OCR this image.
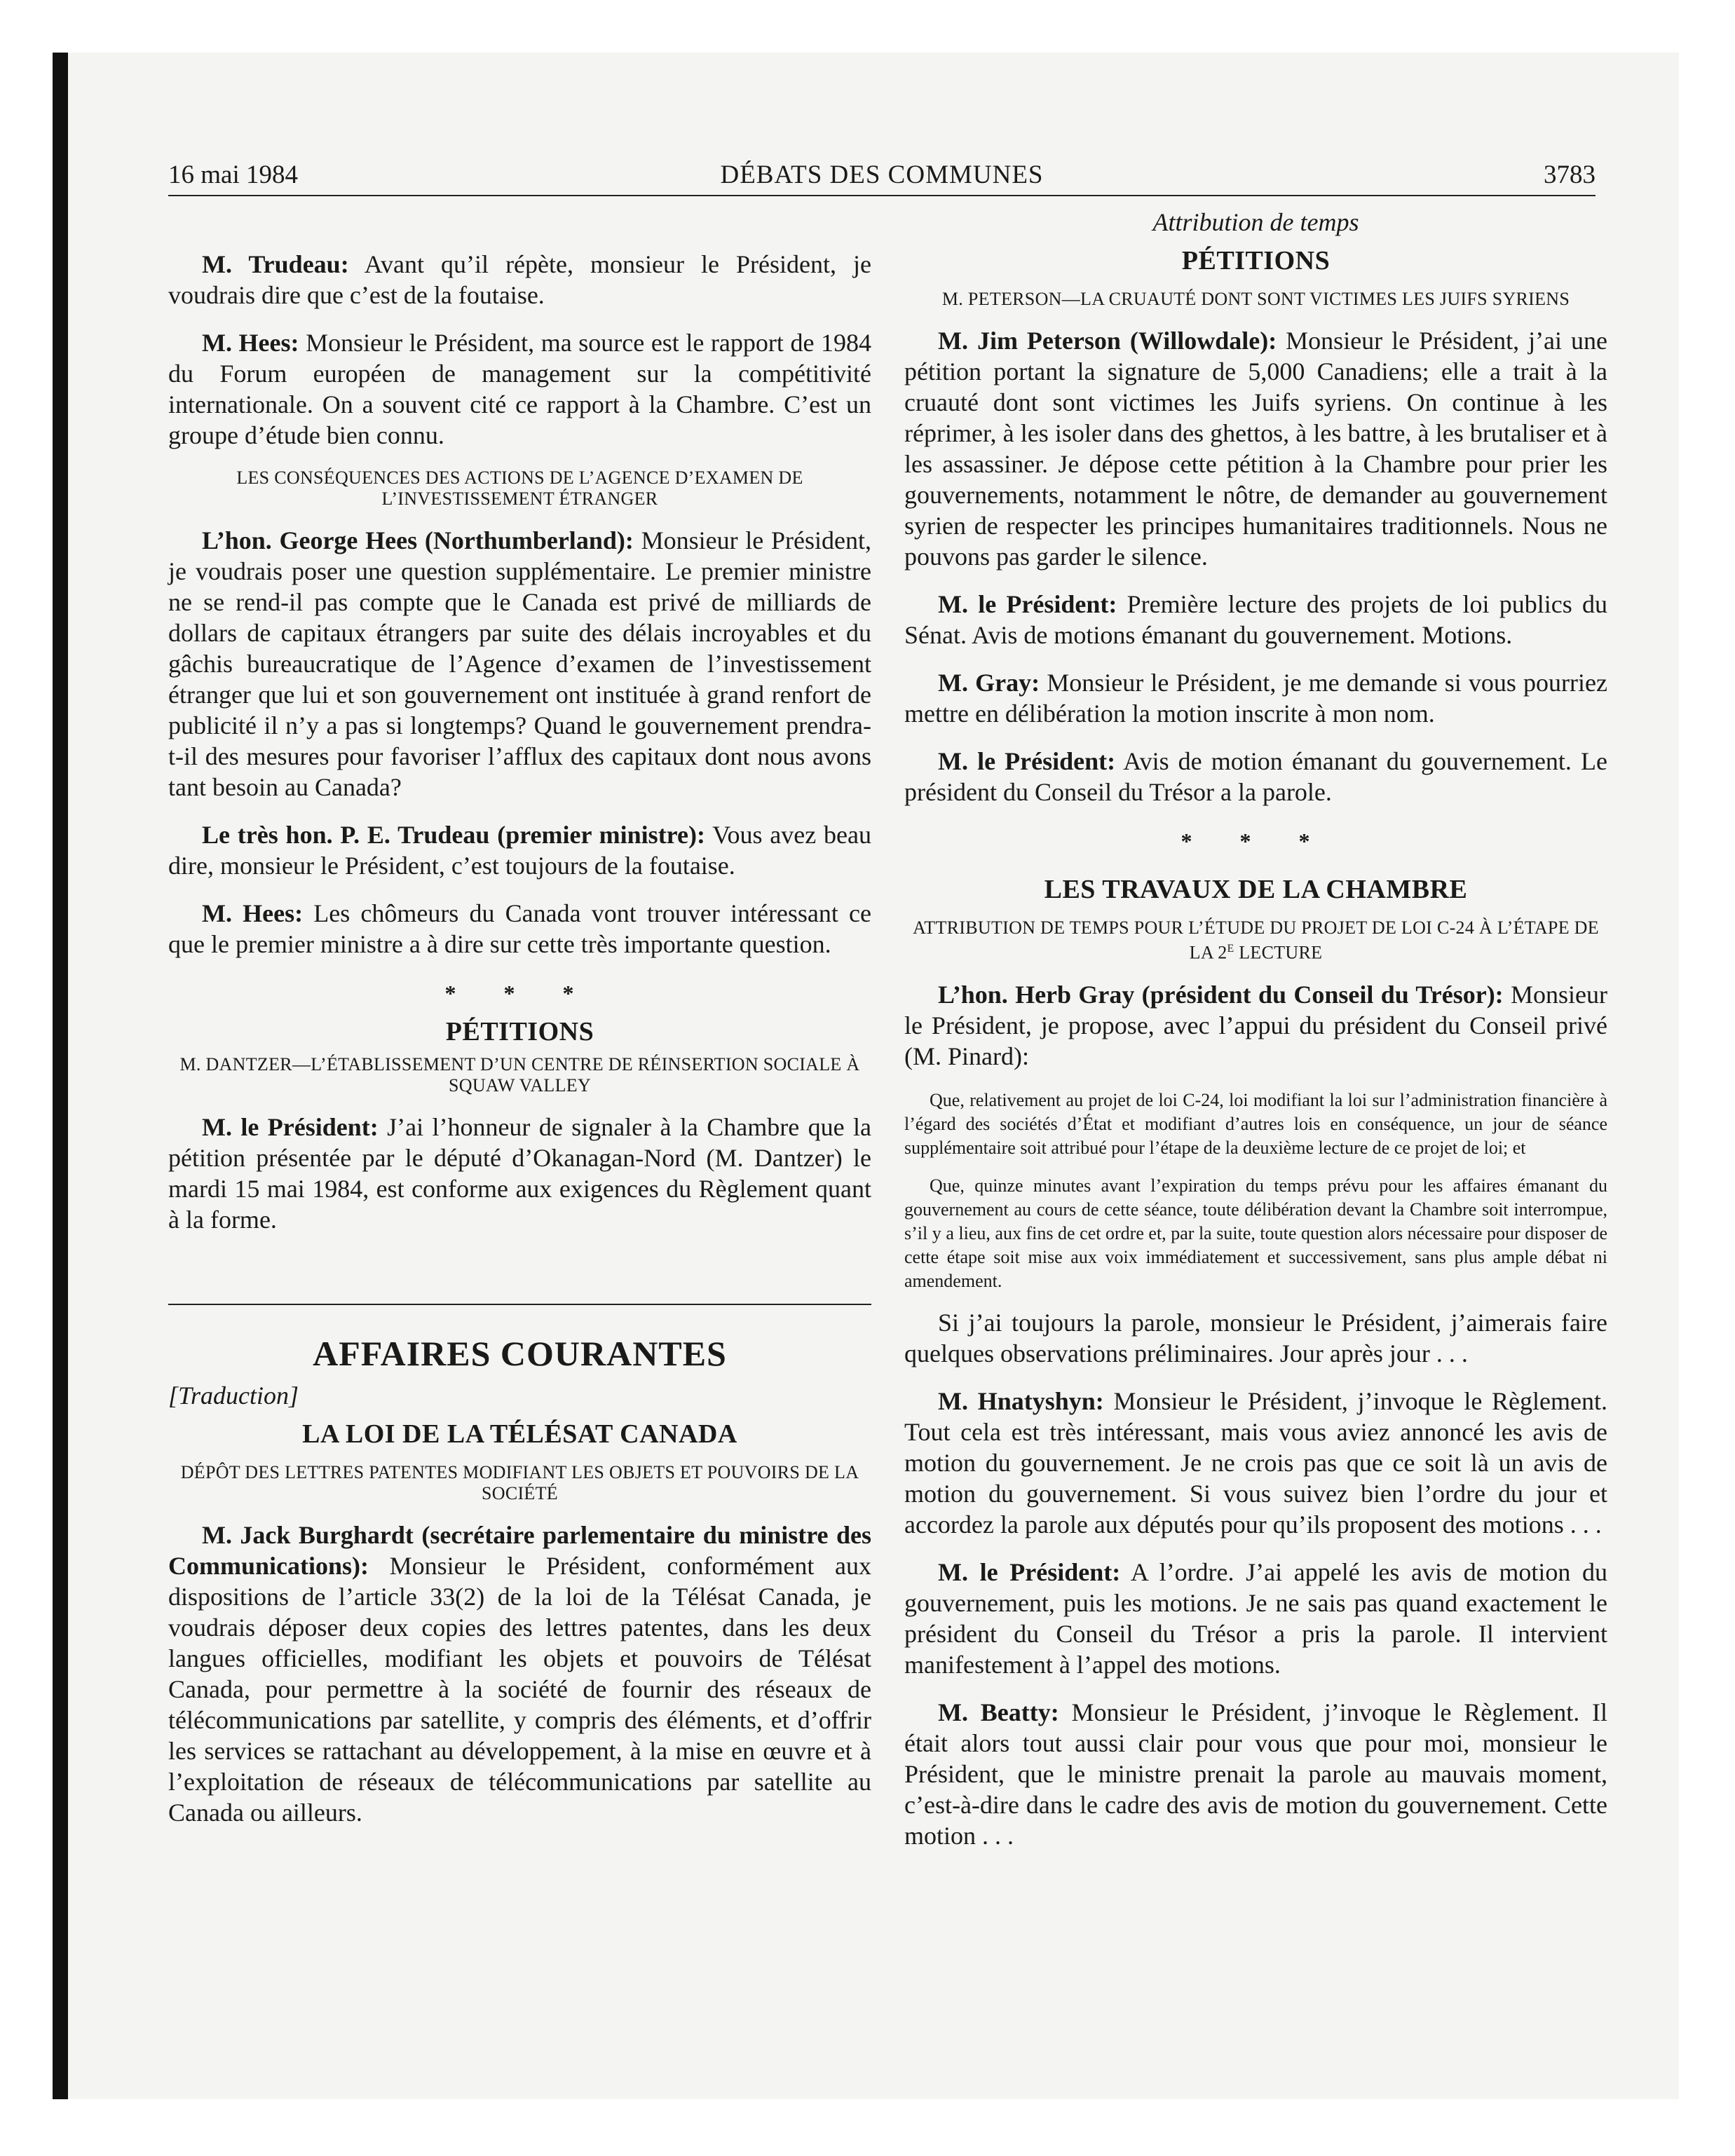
16 mai 1984	DÉBATS DES COMMUNES	3783

M. Trudeau: Avant qu’il répète, monsieur le Président, je voudrais dire que c’est de la foutaise.

M. Hees: Monsieur le Président, ma source est le rapport de 1984 du Forum européen de management sur la compétitivité internationale. On a souvent cité ce rapport à la Chambre. C’est un groupe d’étude bien connu.

LES CONSÉQUENCES DES ACTIONS DE L’AGENCE D’EXAMEN DE L’INVESTISSEMENT ÉTRANGER

L’hon. George Hees (Northumberland): Monsieur le Président, je voudrais poser une question supplémentaire. Le premier ministre ne se rend-il pas compte que le Canada est privé de milliards de dollars de capitaux étrangers par suite des délais incroyables et du gâchis bureaucratique de l’Agence d’examen de l’investissement étranger que lui et son gouvernement ont instituée à grand renfort de publicité il n’y a pas si longtemps? Quand le gouvernement prendra-t-il des mesures pour favoriser l’afflux des capitaux dont nous avons tant besoin au Canada?

Le très hon. P. E. Trudeau (premier ministre): Vous avez beau dire, monsieur le Président, c’est toujours de la foutaise.

M. Hees: Les chômeurs du Canada vont trouver intéressant ce que le premier ministre a à dire sur cette très importante question.

* * *
PÉTITIONS
M. DANTZER—L’ÉTABLISSEMENT D’UN CENTRE DE RÉINSERTION SOCIALE À SQUAW VALLEY

M. le Président: J’ai l’honneur de signaler à la Chambre que la pétition présentée par le député d’Okanagan-Nord (M. Dantzer) le mardi 15 mai 1984, est conforme aux exigences du Règlement quant à la forme.

AFFAIRES COURANTES
[Traduction]
LA LOI DE LA TÉLÉSAT CANADA
DÉPÔT DES LETTRES PATENTES MODIFIANT LES OBJETS ET POUVOIRS DE LA SOCIÉTÉ

M. Jack Burghardt (secrétaire parlementaire du ministre des Communications): Monsieur le Président, conformément aux dispositions de l’article 33(2) de la loi de la Télésat Canada, je voudrais déposer deux copies des lettres patentes, dans les deux langues officielles, modifiant les objets et pouvoirs de Télésat Canada, pour permettre à la société de fournir des réseaux de télécommunications par satellite, y compris des éléments, et d’offrir les services se rattachant au développement, à la mise en œuvre et à l’exploitation de réseaux de télécommunications par satellite au Canada ou ailleurs.

Attribution de temps
PÉTITIONS
M. PETERSON—LA CRUAUTÉ DONT SONT VICTIMES LES JUIFS SYRIENS

M. Jim Peterson (Willowdale): Monsieur le Président, j’ai une pétition portant la signature de 5,000 Canadiens; elle a trait à la cruauté dont sont victimes les Juifs syriens. On continue à les réprimer, à les isoler dans des ghettos, à les battre, à les brutaliser et à les assassiner. Je dépose cette pétition à la Chambre pour prier les gouvernements, notamment le nôtre, de demander au gouvernement syrien de respecter les principes humanitaires traditionnels. Nous ne pouvons pas garder le silence.

M. le Président: Première lecture des projets de loi publics du Sénat. Avis de motions émanant du gouvernement. Motions.

M. Gray: Monsieur le Président, je me demande si vous pourriez mettre en délibération la motion inscrite à mon nom.

M. le Président: Avis de motion émanant du gouvernement. Le président du Conseil du Trésor a la parole.

* * *
LES TRAVAUX DE LA CHAMBRE
ATTRIBUTION DE TEMPS POUR L’ÉTUDE DU PROJET DE LOI C-24 À L’ÉTAPE DE LA $2^E$ LECTURE

L’hon. Herb Gray (président du Conseil du Trésor): Monsieur le Président, je propose, avec l’appui du président du Conseil privé (M. Pinard):

Que, relativement au projet de loi C-24, loi modifiant la loi sur l’administration financière à l’égard des sociétés d’État et modifiant d’autres lois en conséquence, un jour de séance supplémentaire soit attribué pour l’étape de la deuxième lecture de ce projet de loi; et

Que, quinze minutes avant l’expiration du temps prévu pour les affaires émanant du gouvernement au cours de cette séance, toute délibération devant la Chambre soit interrompue, s’il y a lieu, aux fins de cet ordre et, par la suite, toute question alors nécessaire pour disposer de cette étape soit mise aux voix immédiatement et successivement, sans plus ample débat ni amendement.

Si j’ai toujours la parole, monsieur le Président, j’aimerais faire quelques observations préliminaires. Jour après jour . . .

M. Hnatyshyn: Monsieur le Président, j’invoque le Règlement. Tout cela est très intéressant, mais vous aviez annoncé les avis de motion du gouvernement. Je ne crois pas que ce soit là un avis de motion du gouvernement. Si vous suivez bien l’ordre du jour et accordez la parole aux députés pour qu’ils proposent des motions . . .

M. le Président: A l’ordre. J’ai appelé les avis de motion du gouvernement, puis les motions. Je ne sais pas quand exactement le président du Conseil du Trésor a pris la parole. Il intervient manifestement à l’appel des motions.

M. Beatty: Monsieur le Président, j’invoque le Règlement. Il était alors tout aussi clair pour vous que pour moi, monsieur le Président, que le ministre prenait la parole au mauvais moment, c’est-à-dire dans le cadre des avis de motion du gouvernement. Cette motion . . .
